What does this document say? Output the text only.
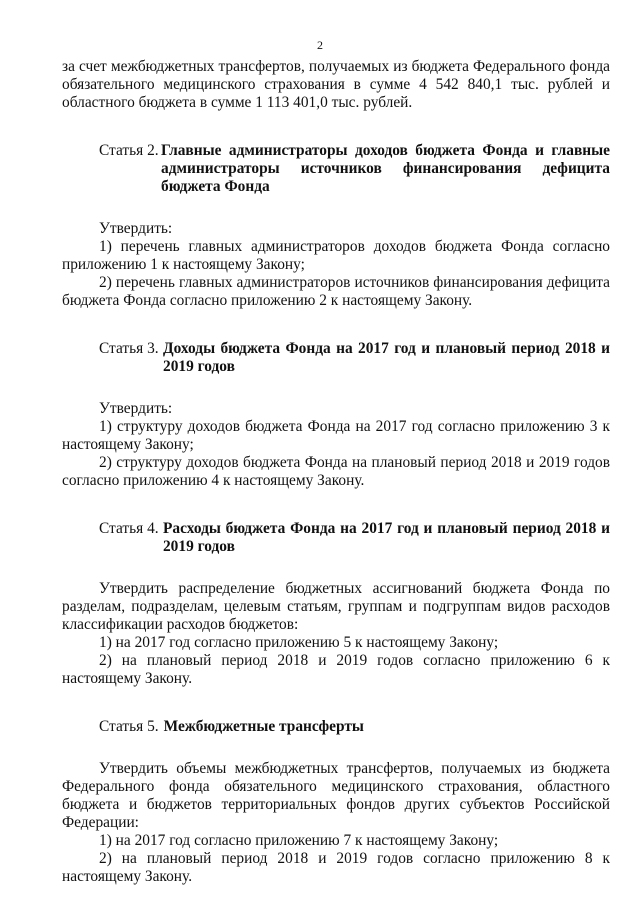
2

за счет межбюджетных трансфертов, получаемых из бюджета Федерального фонда обязательного медицинского страхования в сумме 4 542 840,1 тыс. рублей и областного бюджета в сумме 1 113 401,0 тыс. рублей.

Статья 2. Главные администраторы доходов бюджета Фонда и главные администраторы источников финансирования дефицита бюджета Фонда

Утвердить:

1) перечень главных администраторов доходов бюджета Фонда согласно приложению 1 к настоящему Закону;

2) перечень главных администраторов источников финансирования дефицита бюджета Фонда согласно приложению 2 к настоящему Закону.

Статья 3. Доходы бюджета Фонда на 2017 год и плановый период 2018 и 2019 годов

Утвердить:

1) структуру доходов бюджета Фонда на 2017 год согласно приложению 3 к настоящему Закону;

2) структуру доходов бюджета Фонда на плановый период 2018 и 2019 годов согласно приложению 4 к настоящему Закону.

Статья 4. Расходы бюджета Фонда на 2017 год и плановый период 2018 и 2019 годов

Утвердить распределение бюджетных ассигнований бюджета Фонда по разделам, подразделам, целевым статьям, группам и подгруппам видов расходов классификации расходов бюджетов:

1) на 2017 год согласно приложению 5 к настоящему Закону;

2) на плановый период 2018 и 2019 годов согласно приложению 6 к настоящему Закону.

Статья 5. Межбюджетные трансферты

Утвердить объемы межбюджетных трансфертов, получаемых из бюджета Федерального фонда обязательного медицинского страхования, областного бюджета и бюджетов территориальных фондов других субъектов Российской Федерации:

1) на 2017 год согласно приложению 7 к настоящему Закону;

2) на плановый период 2018 и 2019 годов согласно приложению 8 к настоящему Закону.
